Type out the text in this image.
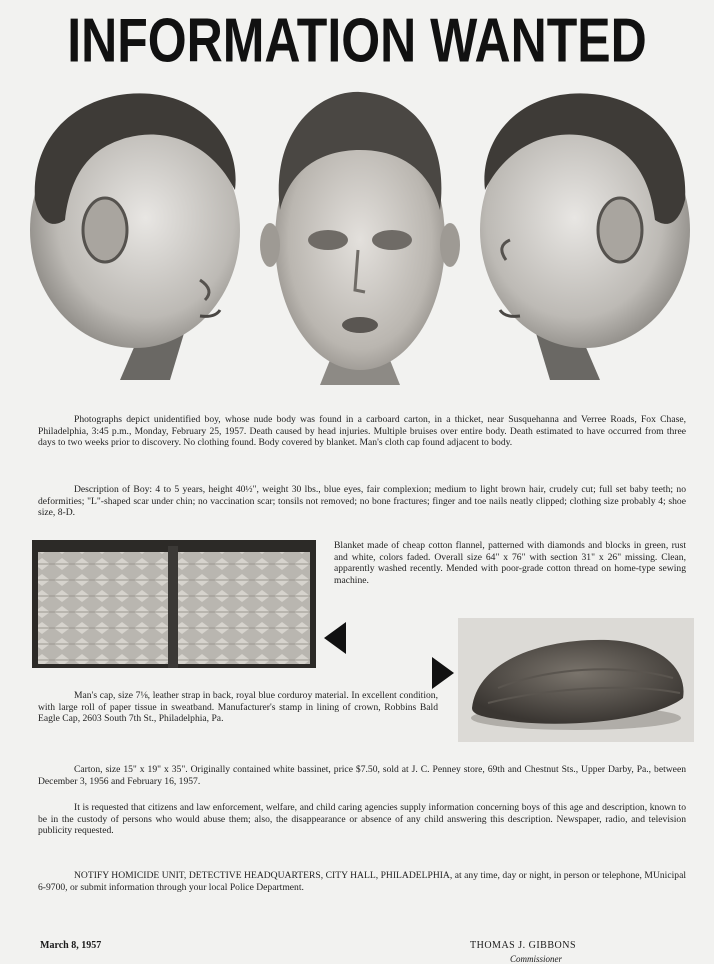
INFORMATION WANTED
Photographs depict unidentified boy, whose nude body was found in a carboard carton, in a thicket, near Susquehanna and Verree Roads, Fox Chase, Philadelphia, 3:45 p.m., Monday, February 25, 1957. Death caused by head injuries. Multiple bruises over entire body. Death estimated to have occurred from three days to two weeks prior to discovery. No clothing found. Body covered by blanket. Man's cloth cap found adjacent to body.
Description of Boy: 4 to 5 years, height 40½", weight 30 lbs., blue eyes, fair complexion; medium to light brown hair, crudely cut; full set baby teeth; no deformities; "L"-shaped scar under chin; no vaccination scar; tonsils not removed; no bone fractures; finger and toe nails neatly clipped; clothing size probably 4; shoe size, 8-D.
Blanket made of cheap cotton flannel, patterned with diamonds and blocks in green, rust and white, colors faded. Overall size 64" x 76" with section 31" x 26" missing. Clean, apparently washed recently. Mended with poor-grade cotton thread on home-type sewing machine.
Man's cap, size 7⅛, leather strap in back, royal blue corduroy material. In excellent condition, with large roll of paper tissue in sweatband. Manufacturer's stamp in lining of crown, Robbins Bald Eagle Cap, 2603 South 7th St., Philadelphia, Pa.
Carton, size 15" x 19" x 35". Originally contained white bassinet, price $7.50, sold at J. C. Penney store, 69th and Chestnut Sts., Upper Darby, Pa., between December 3, 1956 and February 16, 1957.
It is requested that citizens and law enforcement, welfare, and child caring agencies supply information concerning boys of this age and description, known to be in the custody of persons who would abuse them; also, the disappearance or absence of any child answering this description. Newspaper, radio, and television publicity requested.
NOTIFY HOMICIDE UNIT, DETECTIVE HEADQUARTERS, CITY HALL, PHILADELPHIA, at any time, day or night, in person or telephone, MUnicipal 6-9700, or submit information through your local Police Department.
March 8, 1957	THOMAS J. GIBBONS
Commissioner
